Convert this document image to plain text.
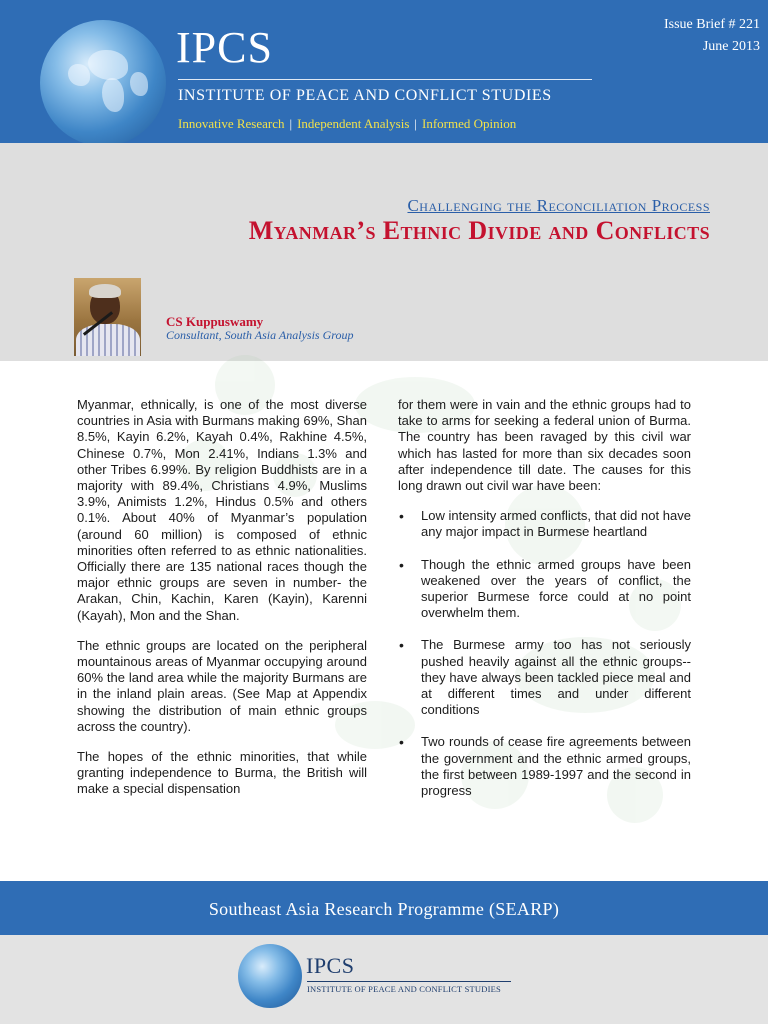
IPCS
INSTITUTE OF PEACE AND CONFLICT STUDIES
Innovative Research | Independent Analysis | Informed Opinion
Issue Brief # 221
June 2013
Challenging the Reconciliation Process
Myanmar’s Ethnic Divide and Conflicts
CS Kuppuswamy
Consultant, South Asia Analysis Group

Myanmar, ethnically, is one of the most diverse countries in Asia with Burmans making 69%, Shan 8.5%, Kayin 6.2%, Kayah 0.4%, Rakhine 4.5%, Chinese 0.7%, Mon 2.41%, Indians 1.3% and other Tribes 6.99%. By religion Buddhists are in a majority with 89.4%, Christians 4.9%, Muslims 3.9%, Animists 1.2%, Hindus 0.5% and others 0.1%. About 40% of Myanmar’s population (around 60 million) is composed of ethnic minorities often referred to as ethnic nationalities. Officially there are 135 national races though the major ethnic groups are seven in number- the Arakan, Chin, Kachin, Karen (Kayin), Karenni (Kayah), Mon and the Shan.

The ethnic groups are located on the peripheral mountainous areas of Myanmar occupying around 60% the land area while the majority Burmans are in the inland plain areas. (See Map at Appendix showing the distribution of main ethnic groups across the country).

The hopes of the ethnic minorities, that while granting independence to Burma, the British will make a special dispensation

for them were in vain and the ethnic groups had to take to arms for seeking a federal union of Burma. The country has been ravaged by this civil war which has lasted for more than six decades soon after independence till date. The causes for this long drawn out civil war have been:

• Low intensity armed conflicts, that did not have any major impact in Burmese heartland
• Though the ethnic armed groups have been weakened over the years of conflict, the superior Burmese force could at no point overwhelm them.
• The Burmese army too has not seriously pushed heavily against all the ethnic groups--they have always been tackled piece meal and at different times and under different conditions
• Two rounds of cease fire agreements between the government and the ethnic armed groups, the first between 1989-1997 and the second in progress
Southeast Asia Research Programme (SEARP)
IPCS
INSTITUTE OF PEACE AND CONFLICT STUDIES
